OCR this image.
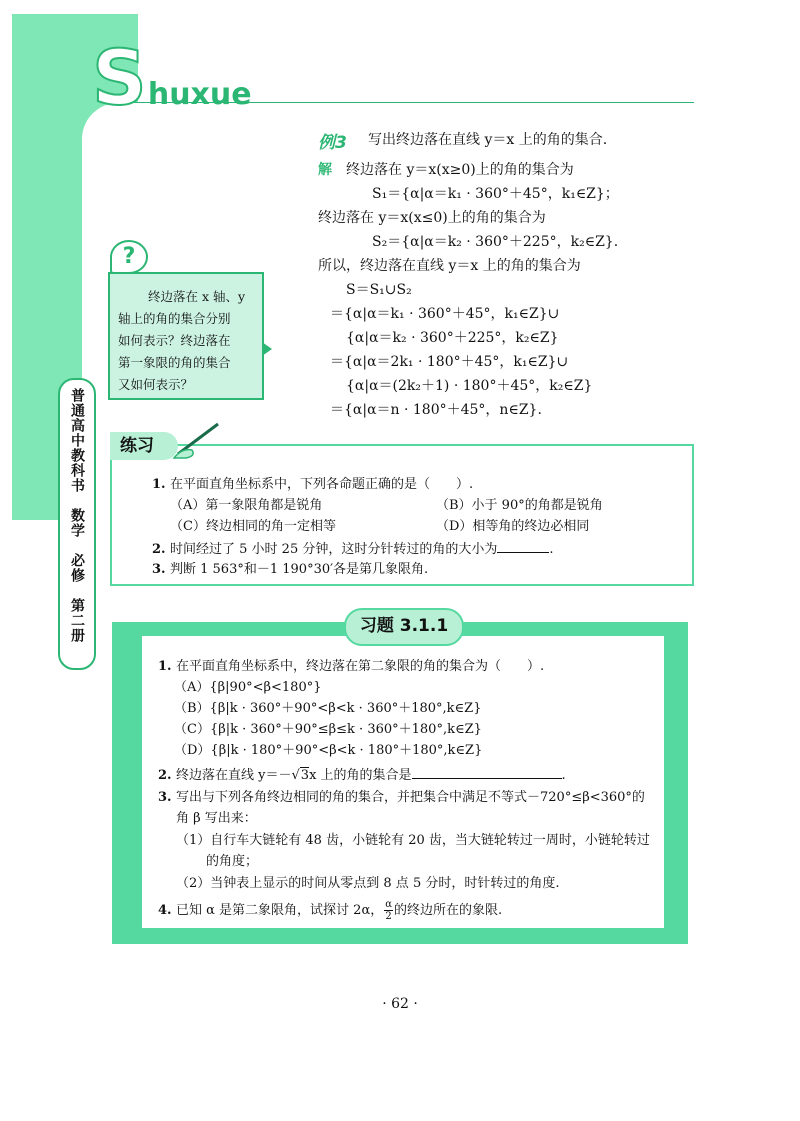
S huxue
普通高中教科书　数学　必修　第二册
例3 写出终边落在直线 y＝x 上的角的集合.
解 终边落在 y＝x(x≥0)上的角的集合为
S₁＝{α|α＝k₁ · 360°＋45°，k₁∈Z}；
终边落在 y＝x(x≤0)上的角的集合为
S₂＝{α|α＝k₂ · 360°＋225°，k₂∈Z}.
所以，终边落在直线 y＝x 上的角的集合为
S＝S₁∪S₂
＝{α|α＝k₁ · 360°＋45°，k₁∈Z}∪
{α|α＝k₂ · 360°＋225°，k₂∈Z}
＝{α|α＝2k₁ · 180°＋45°，k₁∈Z}∪
{α|α＝(2k₂＋1) · 180°＋45°，k₂∈Z}
＝{α|α＝n · 180°＋45°，n∈Z}.
?
终边落在 x 轴、y
轴上的角的集合分别
如何表示？终边落在
第一象限的角的集合
又如何表示？
练习
1. 在平面直角坐标系中，下列各命题正确的是（　　）.
（A）第一象限角都是锐角	（B）小于 90°的角都是锐角
（C）终边相同的角一定相等	（D）相等角的终边必相同
2. 时间经过了 5 小时 25 分钟，这时分针转过的角的大小为	.
3. 判断 1 563°和－1 190°30′各是第几象限角.
习题 3.1.1
1. 在平面直角坐标系中，终边落在第二象限的角的集合为（　　）.
（A）{β|90°<β<180°}
（B）{β|k · 360°＋90°<β<k · 360°＋180°,k∈Z}
（C）{β|k · 360°＋90°≤β≤k · 360°＋180°,k∈Z}
（D）{β|k · 180°＋90°<β<k · 180°＋180°,k∈Z}
2. 终边落在直线 y＝－√3x 上的角的集合是	.
3. 写出与下列各角终边相同的角的集合，并把集合中满足不等式－720°≤β<360°的
角 β 写出来：
（1）自行车大链轮有 48 齿，小链轮有 20 齿，当大链轮转过一周时，小链轮转过
的角度；
（2）当钟表上显示的时间从零点到 8 点 5 分时，时针转过的角度.
4. 已知 α 是第二象限角，试探讨 2α， $\frac{\alpha}{2}$ 的终边所在的象限.
· 62 ·
